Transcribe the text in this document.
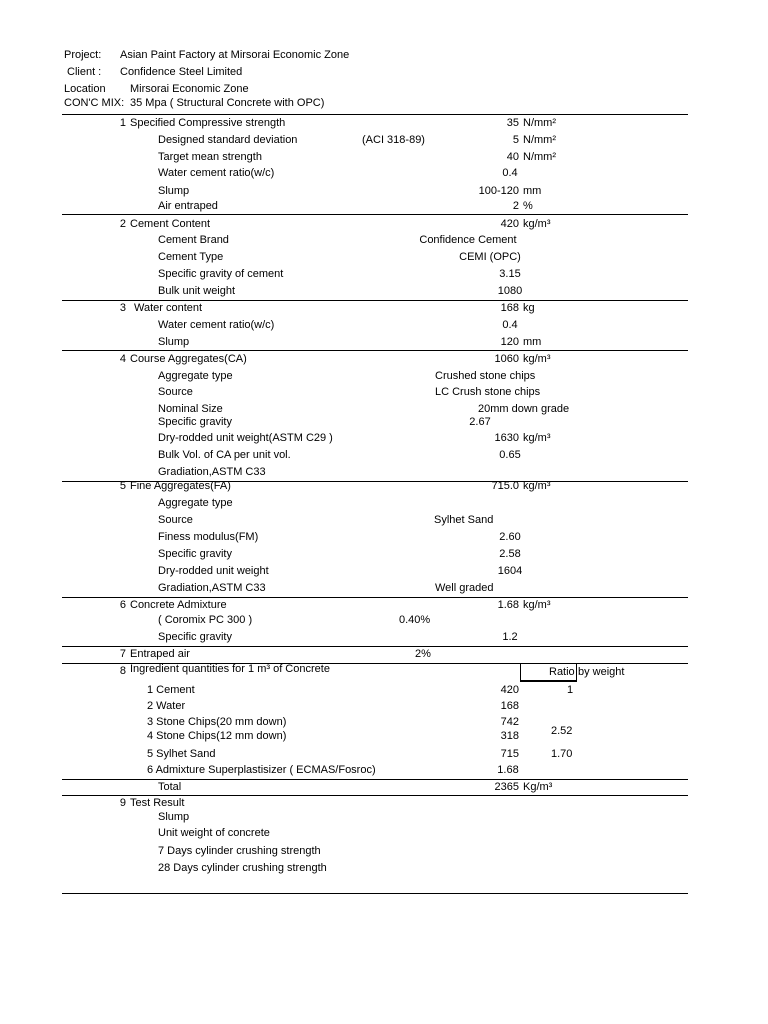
Project: Asian Paint Factory at Mirsorai Economic Zone
Client : Confidence Steel Limited
Location Mirsorai Economic Zone
CON'C MIX: 35 Mpa ( Structural Concrete with OPC)
1 Specified Compressive strength	35 N/mm²
Designed standard deviation	(ACI 318-89)	5 N/mm²
Target mean strength	40 N/mm²
Water cement ratio(w/c)	0.4
Slump	100-120 mm
Air entraped	2 %
2 Cement Content	420 kg/m³
Cement Brand	Confidence Cement
Cement Type	CEMI (OPC)
Specific gravity of cement	3.15
Bulk unit weight	1080
3 Water content	168 kg
Water cement ratio(w/c)	0.4
Slump	120 mm
4 Course Aggregates(CA)	1060 kg/m³
Aggregate type	Crushed stone chips
Source	LC Crush stone chips
Nominal Size	20mm down grade
Specific gravity	2.67
Dry-rodded unit weight(ASTM C29 )	1630 kg/m³
Bulk Vol. of CA per unit vol.	0.65
Gradiation,ASTM C33
5 Fine Aggregates(FA)	715.0 kg/m³
Aggregate type
Source	Sylhet Sand
Finess modulus(FM)	2.60
Specific gravity	2.58
Dry-rodded unit weight	1604
Gradiation,ASTM C33	Well graded
6 Concrete Admixture	1.68 kg/m³
( Coromix PC 300 )	0.40%
Specific gravity	1.2
7 Entraped air	2%
8 Ingredient quantities for 1 m³ of Concrete	Ratio by weight
1 Cement	420	1
2 Water	168
3 Stone Chips(20 mm down)	742
4 Stone Chips(12 mm down)	318	2.52
5 Sylhet Sand	715	1.70
6 Admixture Superplastisizer ( ECMAS/Fosroc)	1.68
Total	2365 Kg/m³
9 Test Result
Slump
Unit weight of concrete
7 Days cylinder crushing strength
28 Days cylinder crushing strength
